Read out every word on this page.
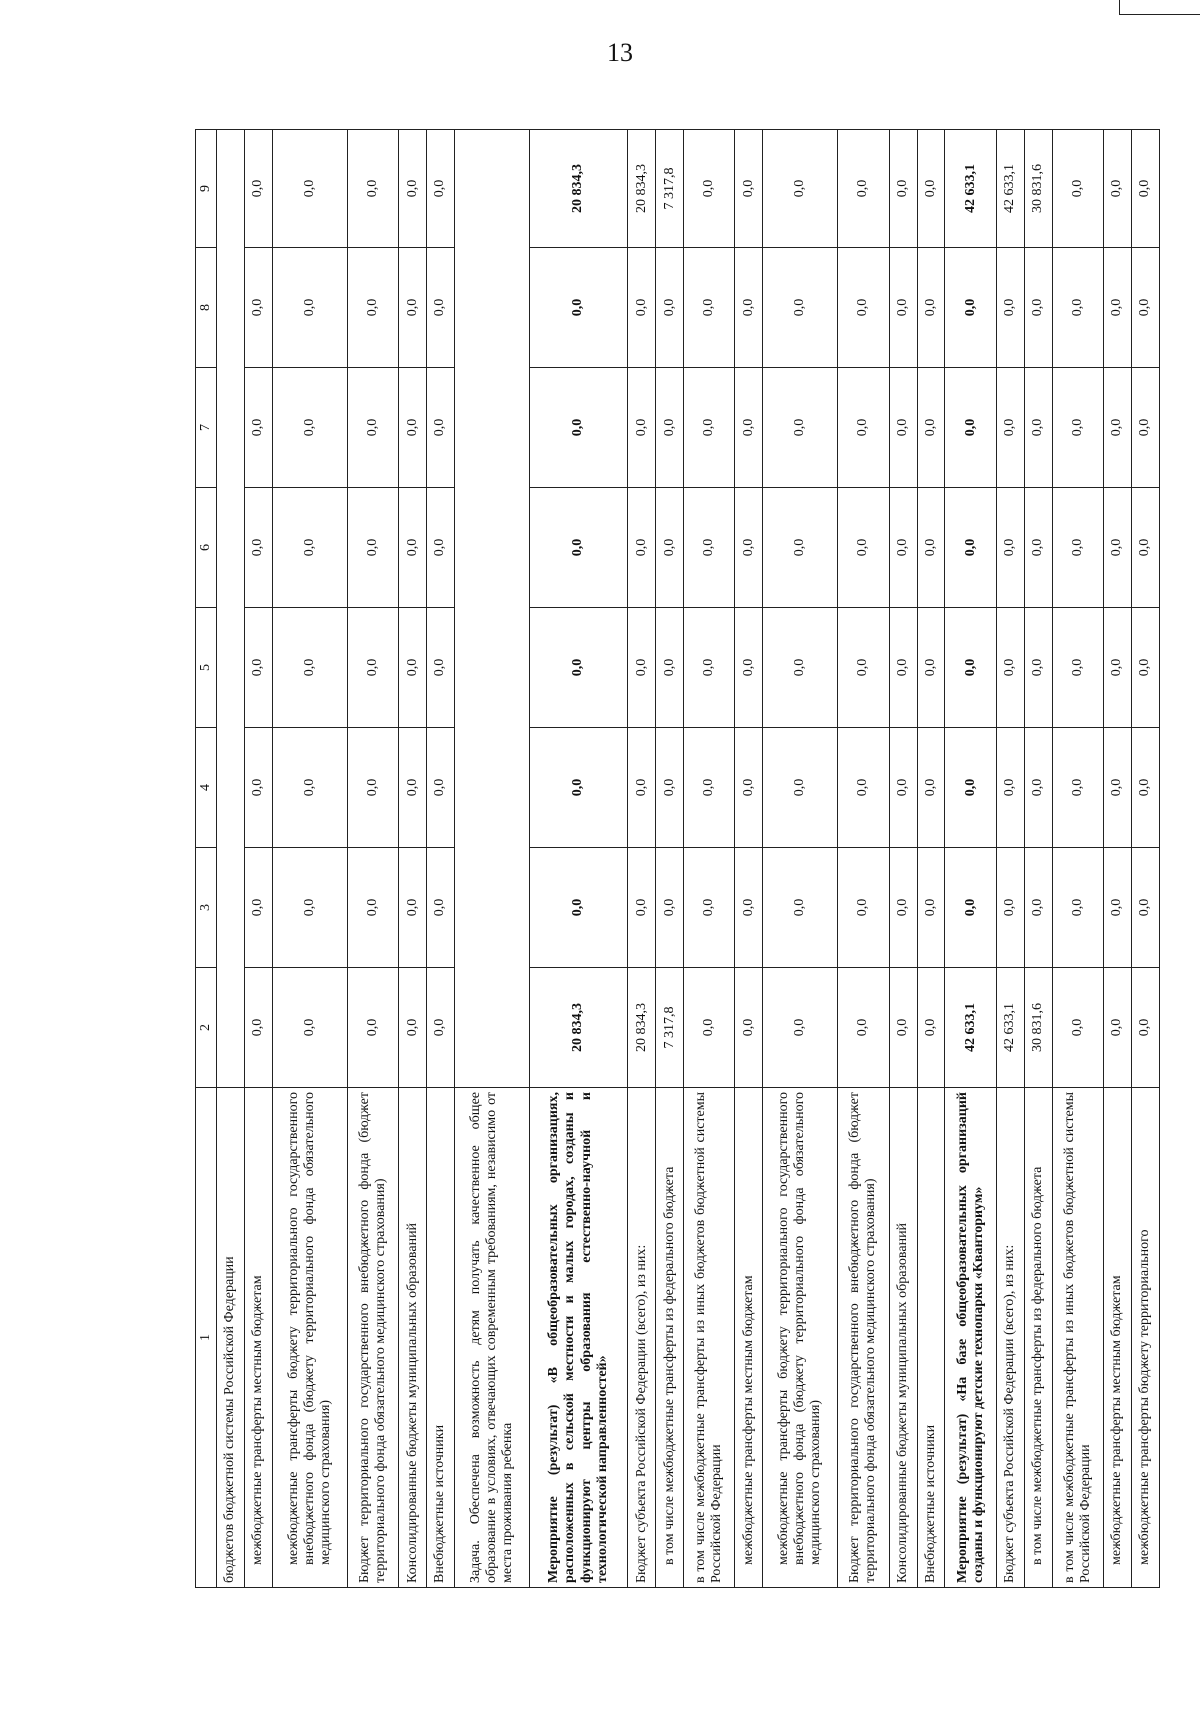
13
1	2	3	4	5	6	7	8	9
бюджетов бюджетной системы Российской Федерации								
межбюджетные трансферты местным бюджетам	0,0	0,0	0,0	0,0	0,0	0,0	0,0	0,0
межбюджетные трансферты бюджету территориального государственного внебюджетного фонда (бюджету территориального фонда обязательного медицинского страхования)	0,0	0,0	0,0	0,0	0,0	0,0	0,0	0,0
Бюджет территориального государственного внебюджетного фонда (бюджет территориального фонда обязательного медицинского страхования)	0,0	0,0	0,0	0,0	0,0	0,0	0,0	0,0
Консолидированные бюджеты муниципальных образований	0,0	0,0	0,0	0,0	0,0	0,0	0,0	0,0
Внебюджетные источники	0,0	0,0	0,0	0,0	0,0	0,0	0,0	0,0
Задача. Обеспечена возможность детям получать качественное общее образование в условиях, отвечающих современным требованиям, независимо от места проживания ребенка								
Мероприятие (результат) «В общеобразовательных организациях, расположенных в сельской местности и малых городах, созданы и функционируют центры образования естественно-научной и технологической направленностей»	20 834,3	0,0	0,0	0,0	0,0	0,0	0,0	20 834,3
Бюджет субъекта Российской Федерации (всего), из них:	20 834,3	0,0	0,0	0,0	0,0	0,0	0,0	20 834,3
в том числе межбюджетные трансферты из федерального бюджета	7 317,8	0,0	0,0	0,0	0,0	0,0	0,0	7 317,8
в том числе межбюджетные трансферты из иных бюджетов бюджетной системы Российской Федерации	0,0	0,0	0,0	0,0	0,0	0,0	0,0	0,0
межбюджетные трансферты местным бюджетам	0,0	0,0	0,0	0,0	0,0	0,0	0,0	0,0
межбюджетные трансферты бюджету территориального государственного внебюджетного фонда (бюджету территориального фонда обязательного медицинского страхования)	0,0	0,0	0,0	0,0	0,0	0,0	0,0	0,0
Бюджет территориального государственного внебюджетного фонда (бюджет территориального фонда обязательного медицинского страхования)	0,0	0,0	0,0	0,0	0,0	0,0	0,0	0,0
Консолидированные бюджеты муниципальных образований	0,0	0,0	0,0	0,0	0,0	0,0	0,0	0,0
Внебюджетные источники	0,0	0,0	0,0	0,0	0,0	0,0	0,0	0,0
Мероприятие (результат) «На базе общеобразовательных организаций созданы и функционируют детские технопарки «Кванториум»	42 633,1	0,0	0,0	0,0	0,0	0,0	0,0	42 633,1
Бюджет субъекта Российской Федерации (всего), из них:	42 633,1	0,0	0,0	0,0	0,0	0,0	0,0	42 633,1
в том числе межбюджетные трансферты из федерального бюджета	30 831,6	0,0	0,0	0,0	0,0	0,0	0,0	30 831,6
в том числе межбюджетные трансферты из иных бюджетов бюджетной системы Российской Федерации	0,0	0,0	0,0	0,0	0,0	0,0	0,0	0,0
межбюджетные трансферты местным бюджетам	0,0	0,0	0,0	0,0	0,0	0,0	0,0	0,0
межбюджетные трансферты бюджету территориального	0,0	0,0	0,0	0,0	0,0	0,0	0,0	0,0
